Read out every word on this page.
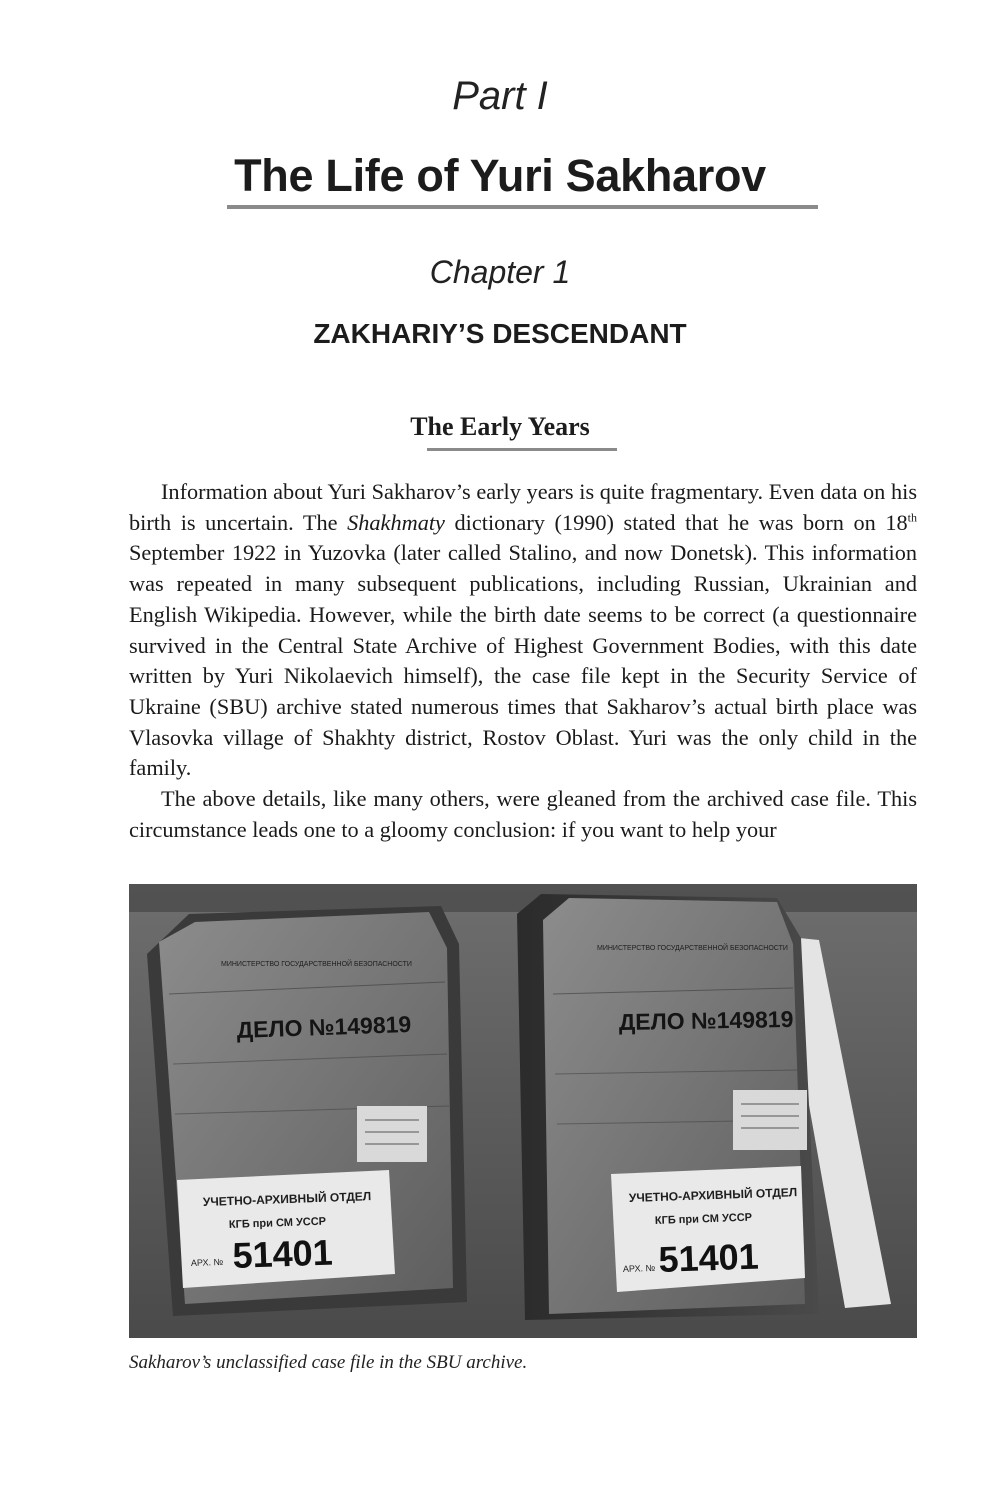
Part I
The Life of Yuri Sakharov
Chapter 1
ZAKHARIY’S DESCENDANT
The Early Years

Information about Yuri Sakharov’s early years is quite fragmentary. Even data on his birth is uncertain. The Shakhmaty dictionary (1990) stated that he was born on 18th September 1922 in Yuzovka (later called Stalino, and now Donetsk). This information was repeated in many subsequent publications, including Russian, Ukrainian and English Wikipedia. However, while the birth date seems to be correct (a questionnaire survived in the Central State Archive of Highest Government Bodies, with this date written by Yuri Nikolaevich himself), the case file kept in the Security Service of Ukraine (SBU) archive stated numerous times that Sakharov’s actual birth place was Vlasovka village of Shakhty district, Rostov Oblast. Yuri was the only child in the family.

The above details, like many others, were gleaned from the archived case file. This circumstance leads one to a gloomy conclusion: if you want to help your

МИНИСТЕРСТВО ГОСУДАРСТВЕННОЙ БЕЗОПАСНОСТИ
ДЕЛО №149819
УЧЕТНО-АРХИВНЫЙ ОТДЕЛ
КГБ при СМ УССР
АРХ. № 51401
МИНИСТЕРСТВО ГОСУДАРСТВЕННОЙ БЕЗОПАСНОСТИ
ДЕЛО №149819
УЧЕТНО-АРХИВНЫЙ ОТДЕЛ
КГБ при СМ УССР
АРХ. № 51401
Sakharov’s unclassified case file in the SBU archive.
